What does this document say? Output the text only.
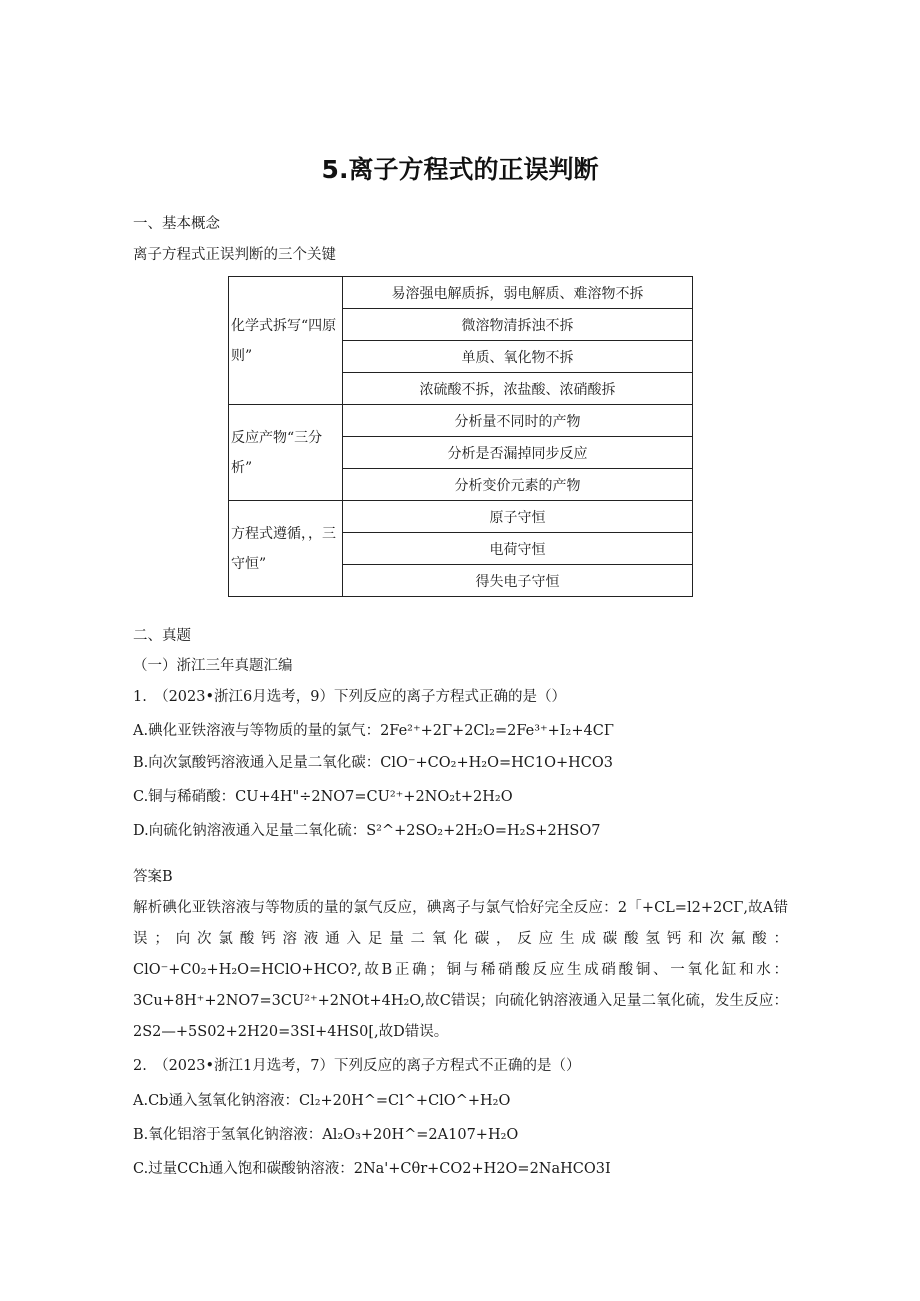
5.离子方程式的正误判断
一、基本概念
离子方程式正误判断的三个关键
化学式拆写“四原则”	易溶强电解质拆，弱电解质、难溶物不拆
	微溶物清拆浊不拆
	单质、氧化物不拆
	浓硫酸不拆，浓盐酸、浓硝酸拆
反应产物“三分析”	分析量不同时的产物
	分析是否漏掉同步反应
	分析变价元素的产物
方程式遵循，，三守恒”	原子守恒
	电荷守恒
	得失电子守恒
二、真题
（一）浙江三年真题汇编
1.　（2023•浙江6月选考，9）下列反应的离子方程式正确的是（）
A.碘化亚铁溶液与等物质的量的氯气：2Fe²⁺+2Γ+2Cl₂=2Fe³⁺+I₂+4CΓ
B.向次氯酸钙溶液通入足量二氧化碳：ClO⁻+CO₂+H₂O=HC1O+HCO3
C.铜与稀硝酸：CU+4H"÷2NO7=CU²⁺+2NO₂t+2H₂O
D.向硫化钠溶液通入足量二氧化硫：S²^+2SO₂+2H₂O=H₂S+2HSO7
答案B
解析碘化亚铁溶液与等物质的量的氯气反应，碘离子与氯气恰好完全反应：2「+CL=l2+2CΓ,故A错误；向次氯酸钙溶液通入足量二氧化碳，反应生成碳酸氢钙和次氟酸：ClO⁻+C0₂+H₂O=HClO+HCO?,故B正确；铜与稀硝酸反应生成硝酸铜、一氧化缸和水：3Cu+8H⁺+2NO7=3CU²⁺+2NOt+4H₂O,故C错误；向硫化钠溶液通入足量二氧化硫，发生反应：2S2—+5S02+2H20=3SI+4HS0[,故D错误。
2.　（2023•浙江1月选考，7）下列反应的离子方程式不正确的是（）
A.Cb通入氢氧化钠溶液：Cl₂+20H^=Cl^+ClO^+H₂O
B.氧化铝溶于氢氧化钠溶液：Al₂O₃+20H^=2A107+H₂O
C.过量CCh通入饱和碳酸钠溶液：2Na'+Cθr+CO2+H2O=2NaHCO3I
